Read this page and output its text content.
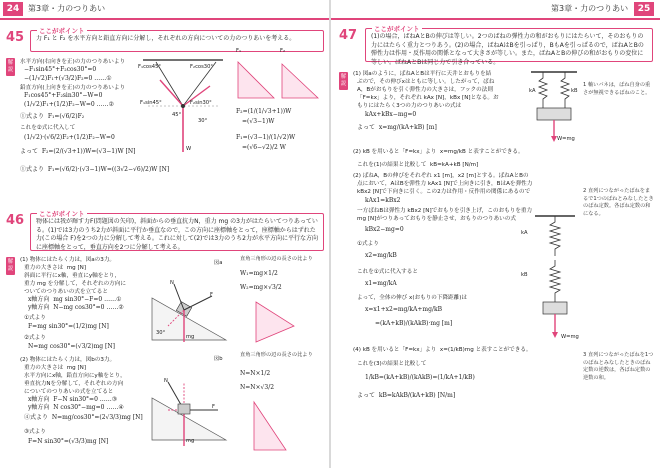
24	第3章・力のつりあい
45	ここがポイント
力 F₁ と F₂ を水平方向と鉛直方向に分解し，それぞれの方向についての力のつりあいを考える。
解
説
水平方向(右向きを正)の力のつりあいより
−F₁sin45°+F₂cos30°=0
−(1/√2)F₁+(√3/2)F₂=0 ……①
鉛直方向(上向きを正)の力のつりあいより
F₁cos45°+F₂sin30°−W=0
(1/√2)F₁+(1/2)F₂−W=0 ……②
①式より  F₁=(√6/2)F₂
これを②式に代入して
(1/√2)·(√6/2)F₂+(1/2)F₂−W=0
よって  F₂=(2/(√3+1))W=(√3−1)W [N]
①式より  F₁=(√6/2)·(√3−1)W=((3√2−√6)/2)W [N]
F₁cos45°	F₂cos30°
F₁sin45°	F₂sin30°
45°
30°
W
F₁	F₂
F₂=(1/(1/√3+1))W
=(√3−1)W
F₁=(√3−1)/(1/√2)W
=(√6−√2)/2 W
46	ここがポイント
物体には我が輝す力F(問題図の矢印)，斜面からの垂直抗力N，重力 mg の3力がはたらいてつりあっている。(1)では3力のうち2力が斜面に平行か垂直なので，この方向に座標軸をとって，座標軸からはずれた力(この場合 F)を2つの力に分解して考える。これに対して(2)では3力のうち2力が水平方向に平行な方向に座標軸をとって，垂直方向を2つに分解して考える。
解
説
(1) 物体にはたらく力は，図aの3力。
重力の大きさは  mg [N]
斜面に平行にx軸，垂直にy軸をとり，
重力 mg を分解して，それぞれの方向に
ついてのつりあいの式を立てると
x軸方向  mg sin30°−F=0 ……①
y軸方向  N−mg cos30°=0 ……②
①式より
F=mg sin30°=(1/2)mg [N]
②式より
N=mg cos30°=(√3/2)mg [N]
(2) 物体にはたらく力は，図bの3力。
重力の大きさは  mg [N]
水平方向にx軸，鉛直方向にy軸をとり，
垂直抗力Nを分解して，それぞれの方向
についてのつりあいの式を立てると
x軸方向  F−N sin30°=0 ……③
y軸方向  N cos30°−mg=0 ……④
④式より  N=mg/cos30°=(2√3/3)mg [N]
③式より
F=N sin30°=(√3/3)mg [N]
N
F
mg
30°
図a
N
F
mg
図b
直角三角形の辺の長さの比より
W₁=mg×1/2
W₂=mg×√3/2
直角三角形の辺の長さの比より
N=N×1/2
N=N×√3/2
第3章・力のつりあい	25
47	ここがポイント
(1)の場合，ばねAとBの伸びは等しい。2つのばねの弾性力の和がおもりにはたらいて，そのおもりの力にはたらく重力とつりあう。(2)の場合，ばねAはBを引っぱり，BもAを引っぱるので，ばねAとBの弾性力は作用・反作用の関係となって大きさが等しい。また，ばねAとBの伸びの和がおもりの変位に等しい。ばねAとBは同じ力で引き合っている。
解
説
(1) 図aのように，ばねAとBは平行に天井とおもりを結
ぶので，その伸びxはともに等しい。したがって，ばね
A，Bがおもりを引く弾性力の大きさは，フックの法則
「F=kx」より，それぞれ kAx [N]，kBx [N]となる。お
もりにはたらく3つの力のつりあいの式は
kAx+kBx−mg=0
よって  x=mg/(kA+kB) [m]
(2) kB を用いると「F=kx」より  x=mg/kB と表すことができる。
これを(1)の結果と比較して  kB=kA+kB [N/m]
(2) ばねA，Bの伸びをそれぞれ x1 [m]，x2 [m]とする。ばねAとBの
点において，AはBを弾性力 kAx1 [N]で上向きに引き，BはAを弾性力
kBx2 [N]で下向きに引く。この2力は作用・反作用の関係にあるので
kAx1=kBx2
一方ばねBは弾性力 kBx2 [N]でおもりを引き上げ，このおもりを重力
mg [N]がつりあっておもりを静止させ，おもりのつりあいの式
kBx2−mg=0
①式より
x2=mg/kB
これを①式に代入すると
x1=mg/kA
よって，全体の伸び x(おもりの下降距離)は
x=x1+x2=mg/kA+mg/kB
=(kA+kB)/(kAkB)·mg [m]
(4) kB を用いると「F=kx」より  x=(1/kB)mg と表すことができる。
これを(3)の結果と比較して
1/kB=(kA+kB)/(kAkB)=(1/kA+1/kB)
よって  kB=kAkB/(kA+kB) [N/m]
kA	kB
W=mg
kA
kB
W=mg
1 軸いバネは，ばね自身の重さが無視できるばねのこと。
2 直列につながったばねをまるで1つのばねとみなしたときのばね定数。各ばね定数の和になる。
3 直列につながったばねを1つのばねとみなしたときのばね定数の逆数は，各ばね定数の逆数の和。
